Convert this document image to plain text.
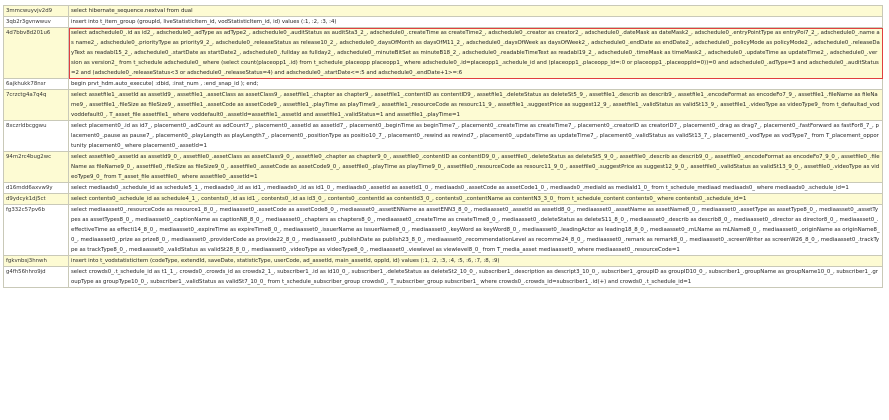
3mmcwuyvjv2d9	select hibernate_sequence.nextval from dual
3qb2r3gvnwwuv	insert into t_item_group (groupId, liveStatisticItem_id, vodStatisticItem_id, id) values (:1, :2, :3, :4)
4d7bbv8d201u6	select adschedule0_.id as id2_, adschedule0_.adType as adType2_, adschedule0_.auditStatus as auditSta3_2_, adschedule0_.createTime as createTime2_, adschedule0_.creator as creator2_, adschedule0_.dateMask as dateMask2_, adschedule0_.entryPointType as entryPoi7_2_, adschedule0_.name as name2_, adschedule0_.priorityType as priority9_2_, adschedule0_.releaseStatus as release10_2_, adschedule0_.daysOfMonth as daysOfM11_2_, adschedule0_.daysOfWeek as daysOfWeek2_, adschedule0_.endDate as endDate2_, adschedule0_.policyMode as policyMode2_, adschedule0_.releaseDayText as readabl15_2_, adschedule0_.startDate as startDate2_, adschedule0_.fullday as fullday2_, adschedule0_.minuteBitSet as minuteB18_2_, adschedule0_.readableTimeText as readabl19_2_, adschedule0_.timeMask as timeMask2_, adschedule0_.updateTime as updateTime2_, adschedule0_.version as version2_ from t_schedule adschedule0_ where (select count(placeopp1_.id) from t_schedule_placeopp placeopp1_ where adschedule0_.id=placeopp1_.schedule_id and (placeopp1_.placeopp_id=:0 or placeopp1_.placeoppId=0))=0 and adschedule0_.adType=3 and adschedule0_.auditStatus=2 and (adschedule0_.releaseStatus<3 or adschedule0_.releaseStatus=4) and adschedule0_.startDate<=:5 and adschedule0_.endDate+1>=:6
6ajkhukk78nsr	begin prvt_hdm.auto_execute( :dbid, :inst_num , :end_snap_id ); end;
7crzctg4a7q4q	select assetfile1_.assetId as assetId9_, assetfile1_.assetClass as assetClass9_, assetfile1_.chapter as chapter9_, assetfile1_.contentID as contentID9_, assetfile1_.deleteStatus as deleteSt5_9_, assetfile1_.describ as describ9_, assetfile1_.encodeFormat as encodeFo7_9_, assetfile1_.fileName as fileName9_, assetfile1_.fileSize as fileSize9_, assetfile1_.assetCode as assetCode9_, assetfile1_.playTime as playTime9_, assetfile1_.resourceCode as resourc11_9_, assetfile1_.suggestPrice as suggest12_9_, assetfile1_.validStatus as validSt13_9_, assetfile1_.videoType as videoType9_ from t_defaultad_vod voddefault0_, T_asset_file assetfile1_ where voddefault0_.assetId=assetfile1_.assetId and assetfile1_.validStatus=1 and assetfile1_.playTime=1
8xczrldbcggwu	select placement0_.id as id7_, placement0_.adCount as adCount7_, placement0_.assetId as assetId7_, placement0_.beginTime as beginTime7_, placement0_.createTime as createTime7_, placement0_.creatorID as creatorID7_, placement0_.drag as drag7_, placement0_.fastForward as fastFor8_7_, placement0_.pause as pause7_, placement0_.playLength as playLength7_, placement0_.positionType as positio10_7_, placement0_.rewind as rewind7_, placement0_.updateTime as updateTime7_, placement0_.validStatus as validSt13_7_, placement0_.vodType as vodType7_ from T_placement_opportunity placement0_ where placement0_.assetId=1
94m2rc4bug2wc	select assetfile0_.assetId as assetId9_0_, assetfile0_.assetClass as assetClass9_0_, assetfile0_.chapter as chapter9_0_, assetfile0_.contentID as contentID9_0_, assetfile0_.deleteStatus as deleteSt5_9_0_, assetfile0_.describ as describ9_0_, assetfile0_.encodeFormat as encodeFo7_9_0_, assetfile0_.fileName as fileName9_0_, assetfile0_.fileSize as fileSize9_0_, assetfile0_.assetCode as assetCode9_0_, assetfile0_.playTime as playTime9_0_, assetfile0_.resourceCode as resourc11_9_0_, assetfile0_.suggestPrice as suggest12_9_0_, assetfile0_.validStatus as validSt13_9_0_, assetfile0_.videoType as videoType9_0_ from T_asset_file assetfile0_ where assetfile0_.assetId=1
d16mdd6axvw9y	select mediaads0_.schedule_id as schedule5_1_, mediaads0_.id as id1_, mediaads0_.id as id1_0_, mediaads0_.assetId as assetId1_0_, mediaads0_.assetCode as assetCode1_0_, mediaads0_.mediaId as mediaId1_0_ from t_schedule_mediaad mediaads0_ where mediaads0_.schedule_id=1
d9ydcyk1dj5ct	select contents0_.schedule_id as schedule4_1_, contents0_.id as id1_, contents0_.id as id3_0_, contents0_.contentId as contentId3_0_, contents0_.contentName as contentN3_3_0_ from t_schedule_content contents0_ where contents0_.schedule_id=1
fg332c57pv6b	select mediaasset0_.resourceCode as resource1_8_0_, mediaasset0_.assetCode as assetCode8_0_, mediaasset0_.assetENName as assetENN3_8_0_, mediaasset0_.assetId as assetId8_0_, mediaasset0_.assetName as assetName8_0_, mediaasset0_.assetType as assetType8_0_, mediaasset0_.assetTypes as assetTypes8_0_, mediaasset0_.captionName as captionN8_8_0_, mediaasset0_.chapters as chapters8_0_, mediaasset0_.createTime as createTime8_0_, mediaasset0_.deleteStatus as deleteS11_8_0_, mediaasset0_.describ as describ8_0_, mediaasset0_.director as director8_0_, mediaasset0_.effectiveTime as effecti14_8_0_, mediaasset0_.expireTime as expireTime8_0_, mediaasset0_.issuerName as issuerName8_0_, mediaasset0_.keyWord as keyWord8_0_, mediaasset0_.leadingActor as leading18_8_0_, mediaasset0_.mLName as mLName8_0_, mediaasset0_.originName as originName8_0_, mediaasset0_.prize as prize8_0_, mediaasset0_.providerCode as provide22_8_0_, mediaasset0_.publishDate as publish23_8_0_, mediaasset0_.recommendationLevel as recomme24_8_0_, mediaasset0_.remark as remark8_0_, mediaasset0_.screenWriter as screenW26_8_0_, mediaasset0_.trackType as trackType8_0_, mediaasset0_.validStatus as validSt28_8_0_, mediaasset0_.videoType as videoType8_0_, mediaasset0_.viewlevel as viewlevel8_0_ from T_media_asset mediaasset0_ where mediaasset0_.resourceCode=1
fgkvnbsj3hnwh	insert into t_vodstatisticitem (codeType, extendId, saveDate, statisticType, userCode, ad_assetId, main_assetId, oppId, id) values (:1, :2, :3, :4, :5, :6, :7, :8, :9)
g4fh56hhro9jd	select crowds0_.t_schedule_id as t1_1_, crowds0_.crowds_id as crowds2_1_, subscriber1_.id as id10_0_, subscriber1_.deleteStatus as deleteSt2_10_0_, subscriber1_.description as descript3_10_0_, subscriber1_.groupID as groupID10_0_, subscriber1_.groupName as groupName10_0_, subscriber1_.groupType as groupType10_0_, subscriber1_.validStatus as validSt7_10_0_ from t_schedule_subscriber_group crowds0_, T_subscriber_group subscriber1_ where crowds0_.crowds_id=subscriber1_.id(+) and crowds0_.t_schedule_id=1
